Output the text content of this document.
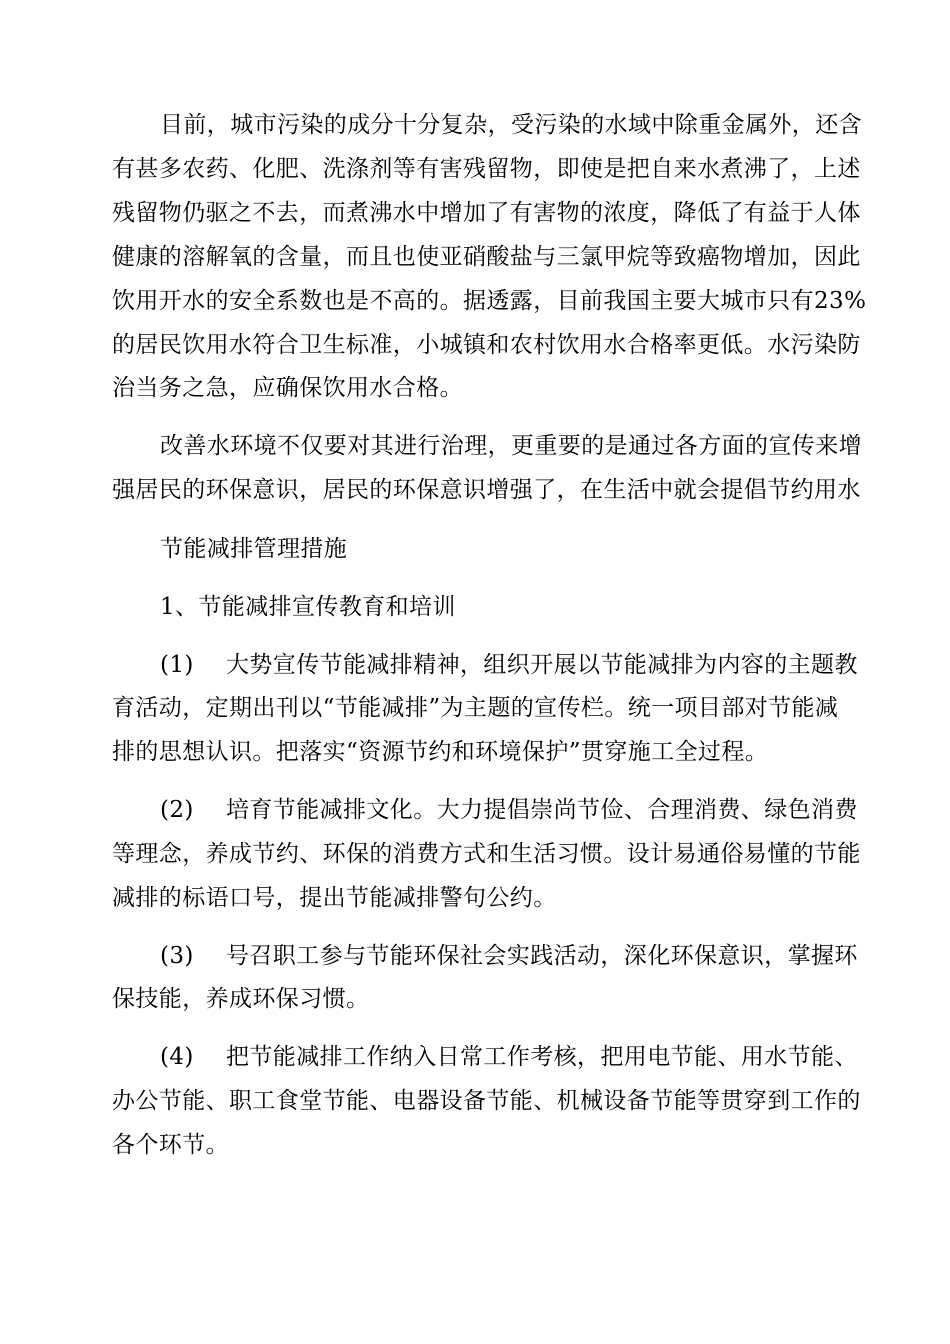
目前，城市污染的成分十分复杂，受污染的水域中除重金属外，还含
有甚多农药、化肥、洗涤剂等有害残留物，即使是把自来水煮沸了，上述
残留物仍驱之不去，而煮沸水中增加了有害物的浓度，降低了有益于人体
健康的溶解氧的含量，而且也使亚硝酸盐与三氯甲烷等致癌物增加，因此
饮用开水的安全系数也是不高的。据透露，目前我国主要大城市只有23%
的居民饮用水符合卫生标准，小城镇和农村饮用水合格率更低。水污染防
治当务之急，应确保饮用水合格。
改善水环境不仅要对其进行治理，更重要的是通过各方面的宣传来增
强居民的环保意识，居民的环保意识增强了，在生活中就会提倡节约用水
节能减排管理措施
1、节能减排宣传教育和培训
(1) 大势宣传节能减排精神，组织开展以节能减排为内容的主题教
育活动，定期出刊以“节能减排”为主题的宣传栏。统一项目部对节能减
排的思想认识。把落实“资源节约和环境保护”贯穿施工全过程。
(2) 培育节能减排文化。大力提倡崇尚节俭、合理消费、绿色消费
等理念，养成节约、环保的消费方式和生活习惯。设计易通俗易懂的节能
减排的标语口号，提出节能减排警句公约。
(3) 号召职工参与节能环保社会实践活动，深化环保意识，掌握环
保技能，养成环保习惯。
(4) 把节能减排工作纳入日常工作考核，把用电节能、用水节能、
办公节能、职工食堂节能、电器设备节能、机械设备节能等贯穿到工作的
各个环节。
